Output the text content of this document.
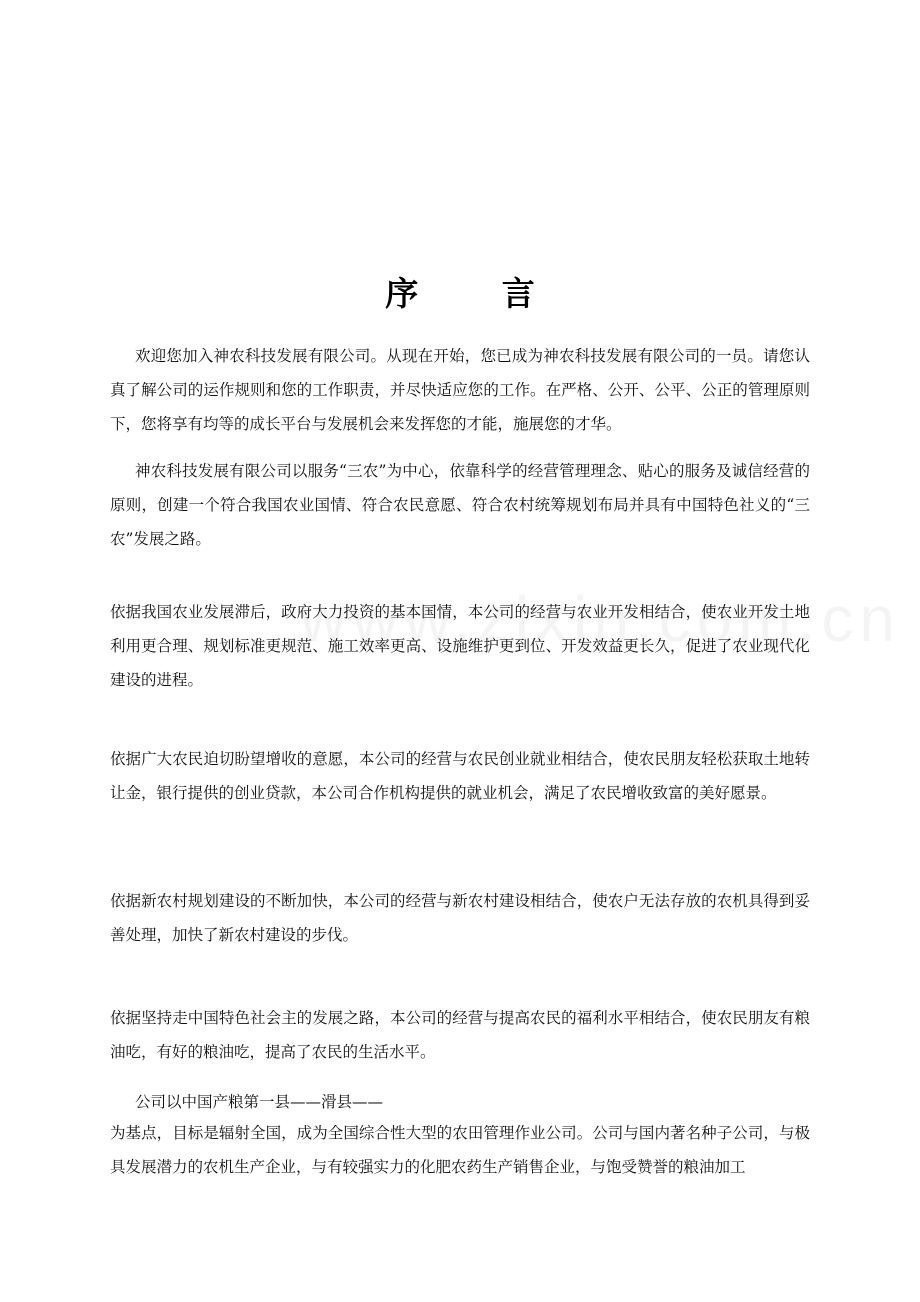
序 言

欢迎您加入神农科技发展有限公司。从现在开始，您已成为神农科技发展有限公司的一员。请您认真了解公司的运作规则和您的工作职责，并尽快适应您的工作。在严格、公开、公平、公正的管理原则下，您将享有均等的成长平台与发展机会来发挥您的才能，施展您的才华。

神农科技发展有限公司以服务“三农”为中心，依靠科学的经营管理理念、贴心的服务及诚信经营的原则，创建一个符合我国农业国情、符合农民意愿、符合农村统筹规划布局并具有中国特色社义的“三农”发展之路。

依据我国农业发展滞后，政府大力投资的基本国情，本公司的经营与农业开发相结合，使农业开发土地利用更合理、规划标准更规范、施工效率更高、设施维护更到位、开发效益更长久，促进了农业现代化建设的进程。

依据广大农民迫切盼望增收的意愿，本公司的经营与农民创业就业相结合，使农民朋友轻松获取土地转让金，银行提供的创业贷款，本公司合作机构提供的就业机会，满足了农民增收致富的美好愿景。

依据新农村规划建设的不断加快，本公司的经营与新农村建设相结合，使农户无法存放的农机具得到妥善处理，加快了新农村建设的步伐。

依据坚持走中国特色社会主的发展之路，本公司的经营与提高农民的福利水平相结合，使农民朋友有粮油吃，有好的粮油吃，提高了农民的生活水平。

公司以中国产粮第一县——滑县——

为基点，目标是辐射全国，成为全国综合性大型的农田管理作业公司。公司与国内著名种子公司，与极具发展潜力的农机生产企业，与有较强实力的化肥农药生产销售企业，与饱受赞誉的粮油加工
